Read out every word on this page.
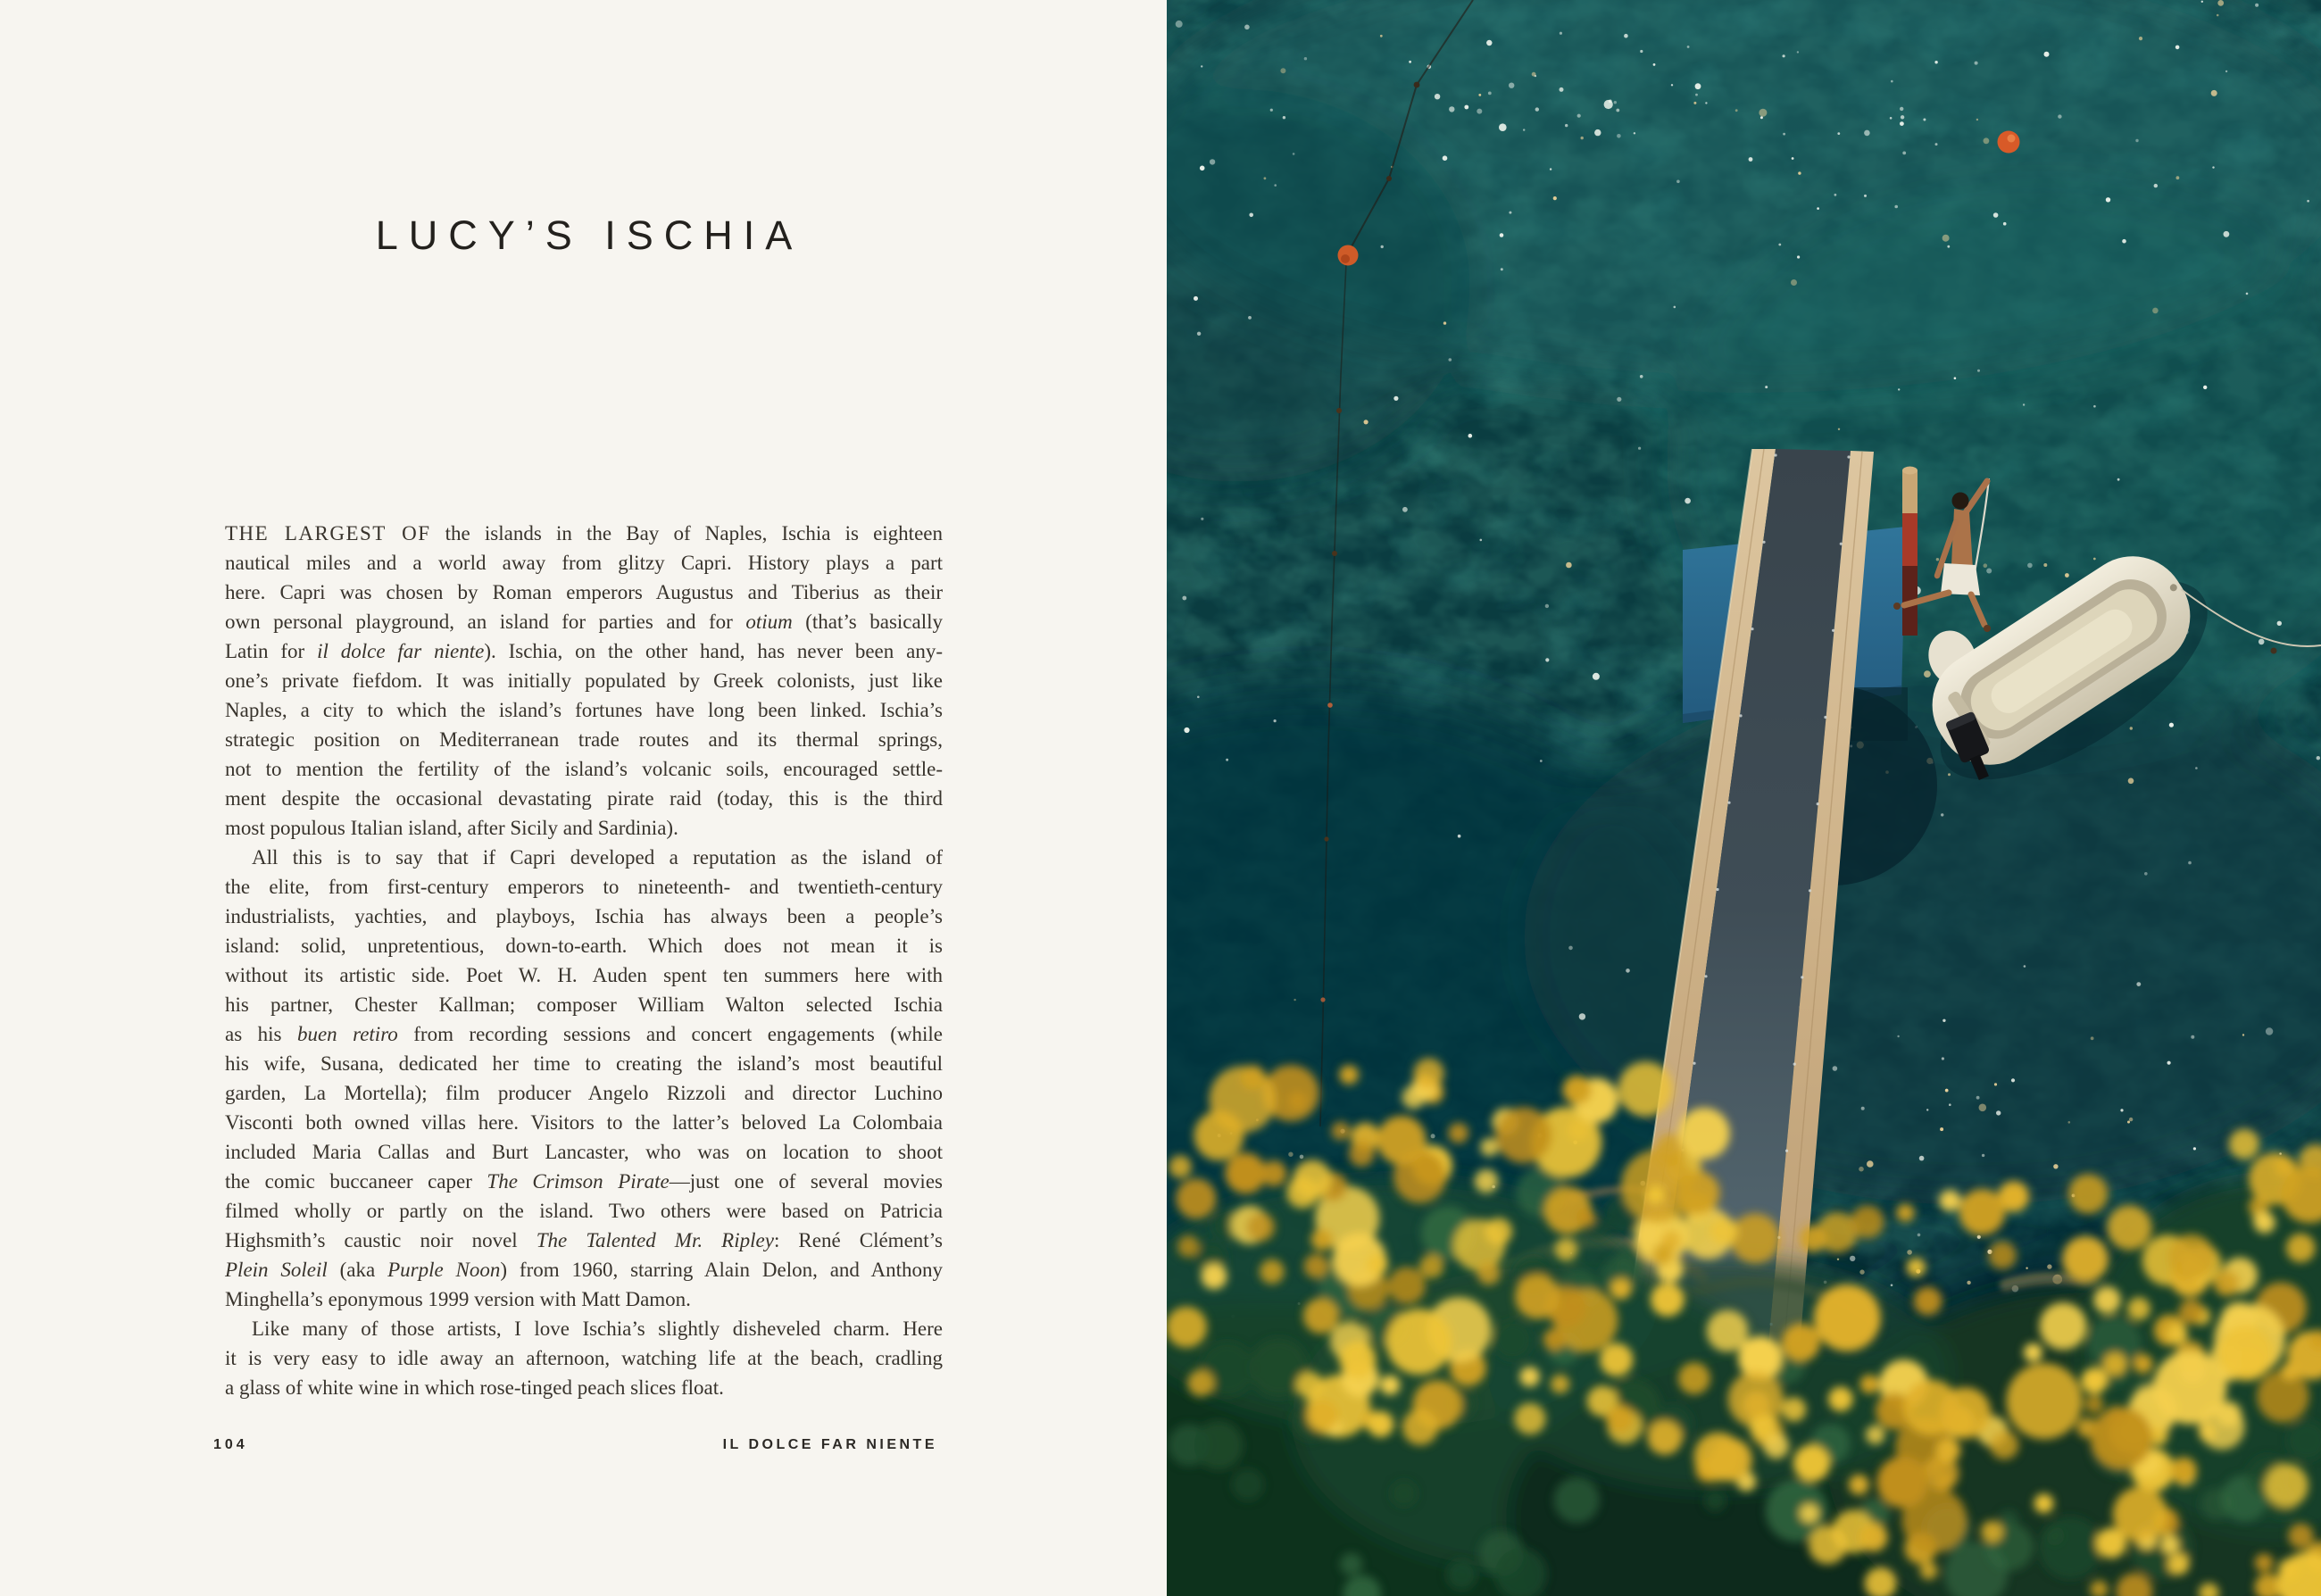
LUCY’S ISCHIA
THE LARGEST OF the islands in the Bay of Naples, Ischia is eighteen
nautical miles and a world away from glitzy Capri. History plays a part
here. Capri was chosen by Roman emperors Augustus and Tiberius as their
own personal playground, an island for parties and for otium (that’s basically
Latin for il dolce far niente). Ischia, on the other hand, has never been any-
one’s private fiefdom. It was initially populated by Greek colonists, just like
Naples, a city to which the island’s fortunes have long been linked. Ischia’s
strategic position on Mediterranean trade routes and its thermal springs,
not to mention the fertility of the island’s volcanic soils, encouraged settle-
ment despite the occasional devastating pirate raid (today, this is the third
most populous Italian island, after Sicily and Sardinia).
All this is to say that if Capri developed a reputation as the island of
the elite, from first-century emperors to nineteenth- and twentieth-century
industrialists, yachties, and playboys, Ischia has always been a people’s
island: solid, unpretentious, down-to-earth. Which does not mean it is
without its artistic side. Poet W. H. Auden spent ten summers here with
his partner, Chester Kallman; composer William Walton selected Ischia
as his buen retiro from recording sessions and concert engagements (while
his wife, Susana, dedicated her time to creating the island’s most beautiful
garden, La Mortella); film producer Angelo Rizzoli and director Luchino
Visconti both owned villas here. Visitors to the latter’s beloved La Colombaia
included Maria Callas and Burt Lancaster, who was on location to shoot
the comic buccaneer caper The Crimson Pirate—just one of several movies
filmed wholly or partly on the island. Two others were based on Patricia
Highsmith’s caustic noir novel The Talented Mr. Ripley: René Clément’s
Plein Soleil (aka Purple Noon) from 1960, starring Alain Delon, and Anthony
Minghella’s eponymous 1999 version with Matt Damon.
Like many of those artists, I love Ischia’s slightly disheveled charm. Here
it is very easy to idle away an afternoon, watching life at the beach, cradling
a glass of white wine in which rose-tinged peach slices float.
104	IL DOLCE FAR NIENTE
